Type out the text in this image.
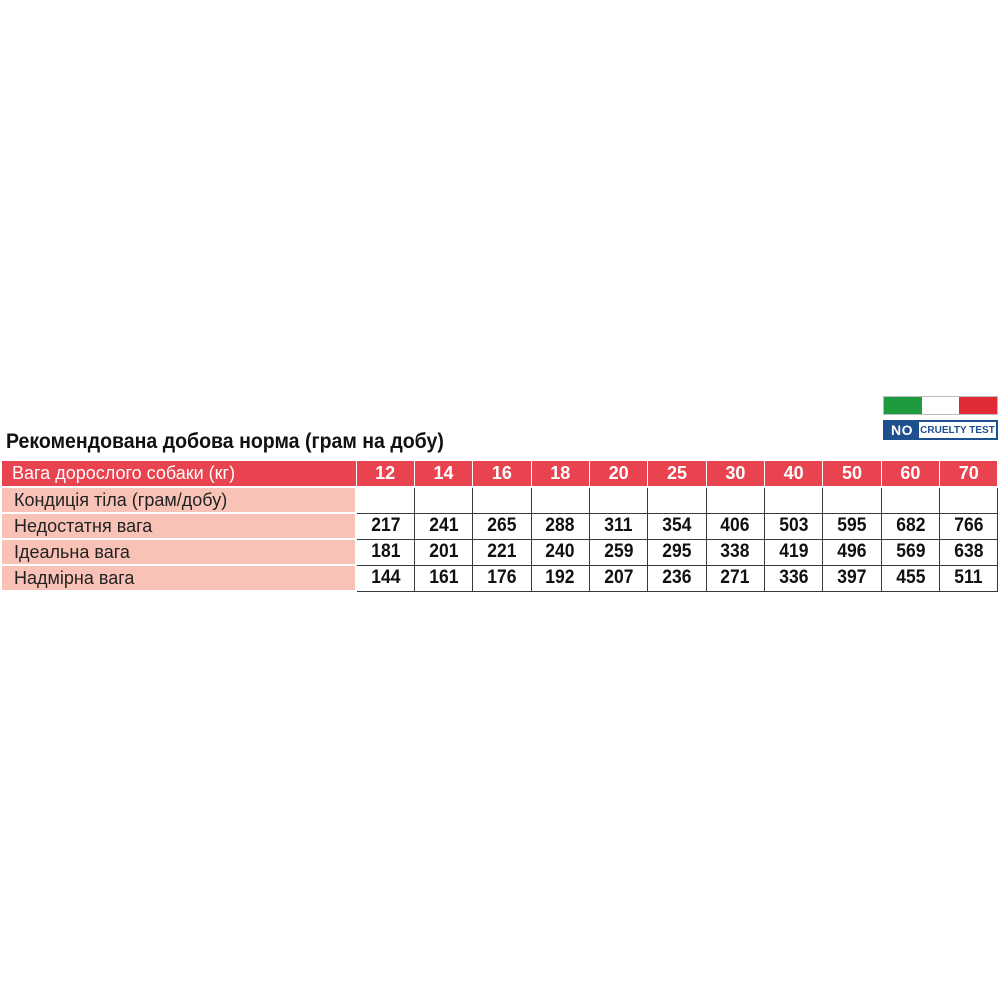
NO CRUELTY TEST
Рекомендована добова норма (грам на добу)
Вага дорослого собаки (кг)	12	14	16	18	20	25	30	40	50	60	70
Кондиція тіла (грам/добу)											
Недостатня вага	217	241	265	288	311	354	406	503	595	682	766
Ідеальна вага	181	201	221	240	259	295	338	419	496	569	638
Надмірна вага	144	161	176	192	207	236	271	336	397	455	511
